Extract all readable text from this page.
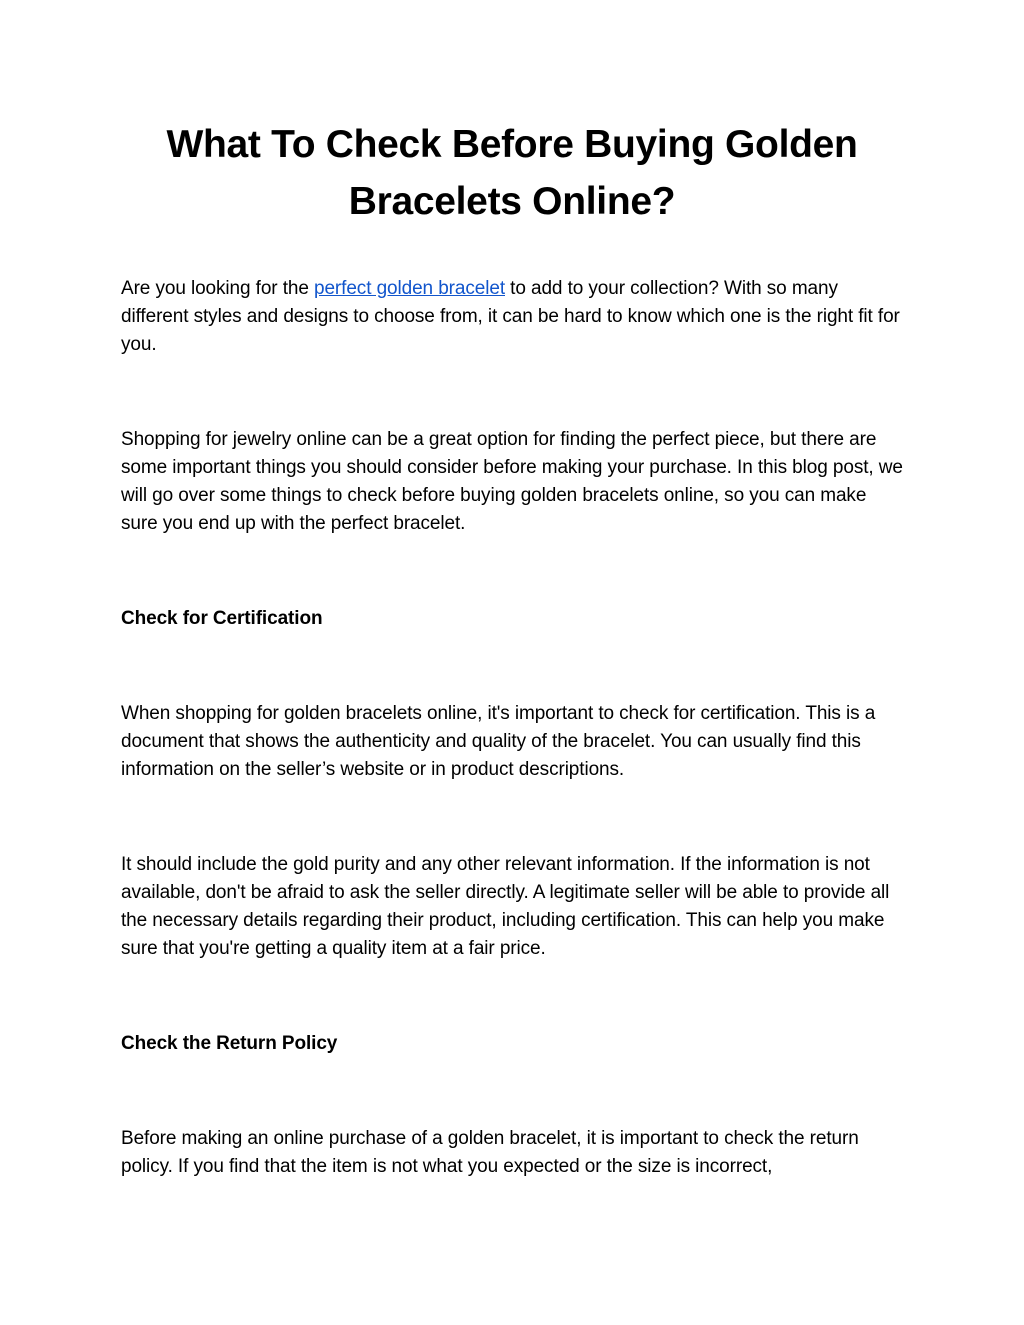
What To Check Before Buying Golden Bracelets Online?

Are you looking for the perfect golden bracelet to add to your collection? With so many different styles and designs to choose from, it can be hard to know which one is the right fit for you.

Shopping for jewelry online can be a great option for finding the perfect piece, but there are some important things you should consider before making your purchase. In this blog post, we will go over some things to check before buying golden bracelets online, so you can make sure you end up with the perfect bracelet.

Check for Certification

When shopping for golden bracelets online, it's important to check for certification. This is a document that shows the authenticity and quality of the bracelet. You can usually find this information on the seller’s website or in product descriptions.

It should include the gold purity and any other relevant information. If the information is not available, don't be afraid to ask the seller directly. A legitimate seller will be able to provide all the necessary details regarding their product, including certification. This can help you make sure that you're getting a quality item at a fair price.

Check the Return Policy

Before making an online purchase of a golden bracelet, it is important to check the return policy. If you find that the item is not what you expected or the size is incorrect,
